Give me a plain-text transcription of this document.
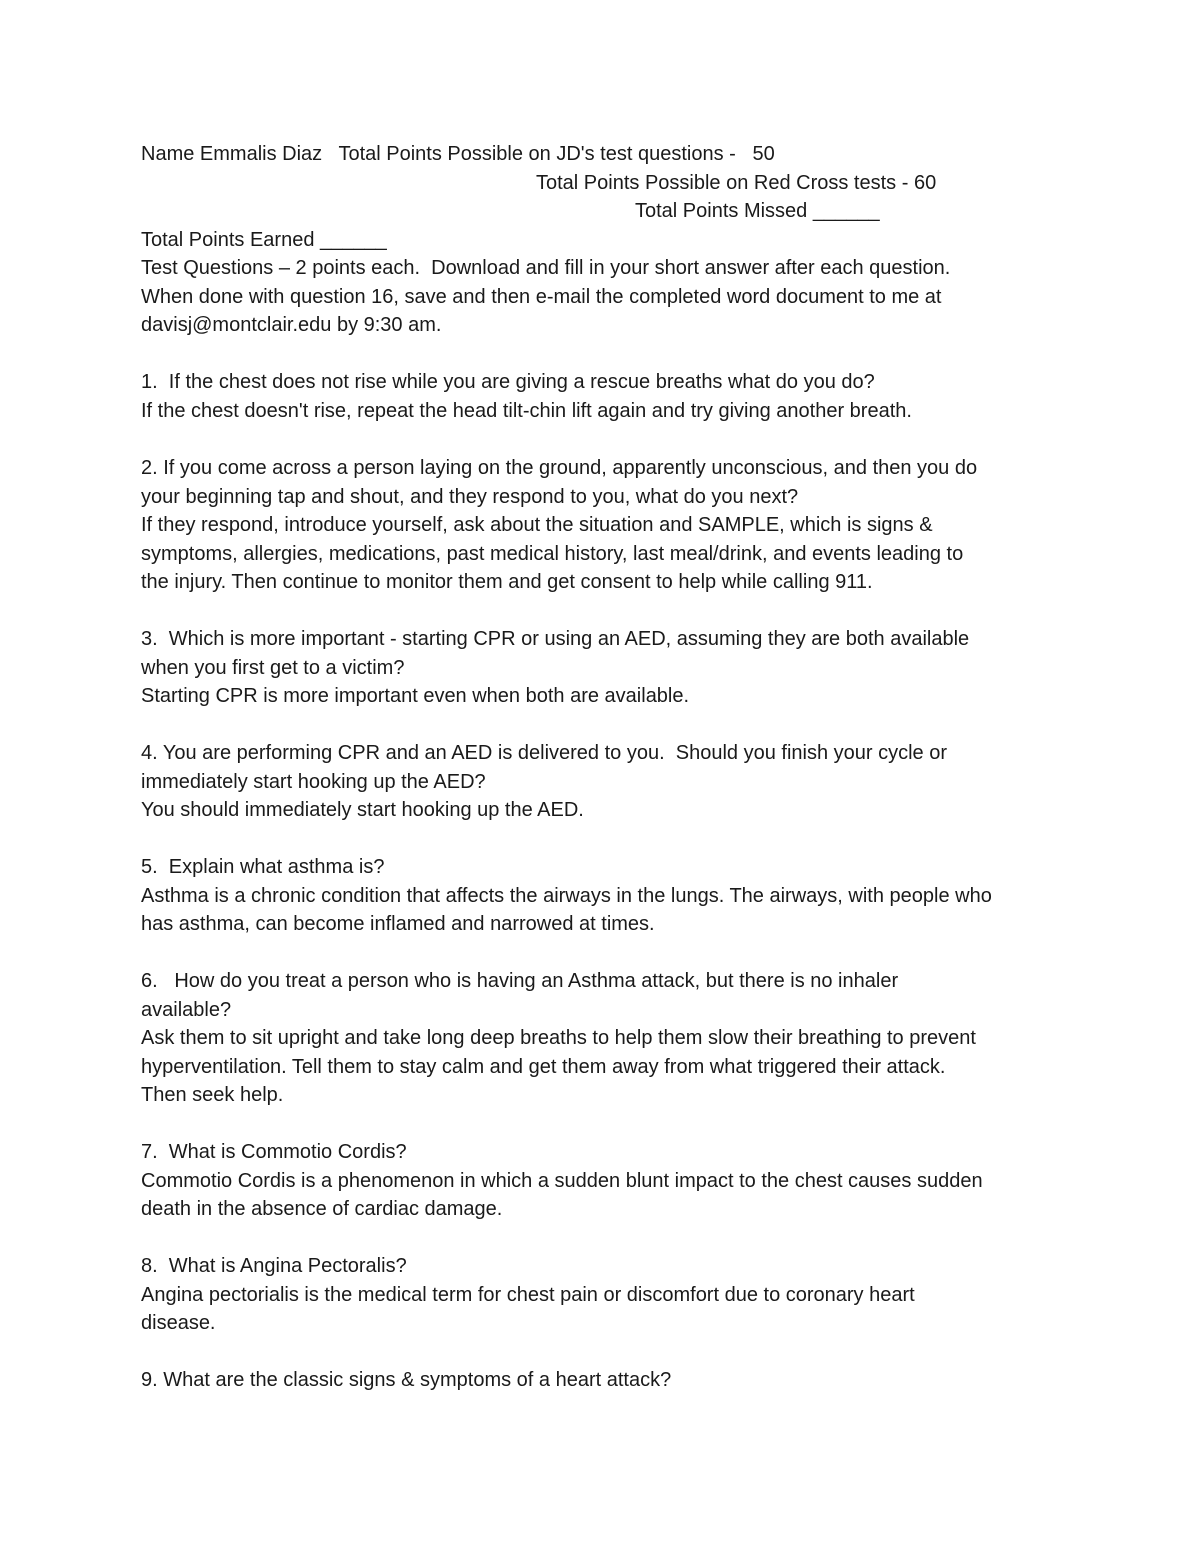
Name Emmalis Diaz   Total Points Possible on JD's test questions -   50
Total Points Possible on Red Cross tests - 60
Total Points Missed ______
Total Points Earned ______
Test Questions – 2 points each.  Download and fill in your short answer after each question.
When done with question 16, save and then e-mail the completed word document to me at
davisj@montclair.edu by 9:30 am.
1.  If the chest does not rise while you are giving a rescue breaths what do you do?
If the chest doesn't rise, repeat the head tilt-chin lift again and try giving another breath.
2. If you come across a person laying on the ground, apparently unconscious, and then you do
your beginning tap and shout, and they respond to you, what do you next?
If they respond, introduce yourself, ask about the situation and SAMPLE, which is signs &
symptoms, allergies, medications, past medical history, last meal/drink, and events leading to
the injury. Then continue to monitor them and get consent to help while calling 911.
3.  Which is more important - starting CPR or using an AED, assuming they are both available
when you first get to a victim?
Starting CPR is more important even when both are available.
4. You are performing CPR and an AED is delivered to you.  Should you finish your cycle or
immediately start hooking up the AED?
You should immediately start hooking up the AED.
5.  Explain what asthma is?
Asthma is a chronic condition that affects the airways in the lungs. The airways, with people who
has asthma, can become inflamed and narrowed at times.
6.   How do you treat a person who is having an Asthma attack, but there is no inhaler
available?
Ask them to sit upright and take long deep breaths to help them slow their breathing to prevent
hyperventilation. Tell them to stay calm and get them away from what triggered their attack.
Then seek help.
7.  What is Commotio Cordis?
Commotio Cordis is a phenomenon in which a sudden blunt impact to the chest causes sudden
death in the absence of cardiac damage.
8.  What is Angina Pectoralis?
Angina pectorialis is the medical term for chest pain or discomfort due to coronary heart
disease.
9. What are the classic signs & symptoms of a heart attack?
